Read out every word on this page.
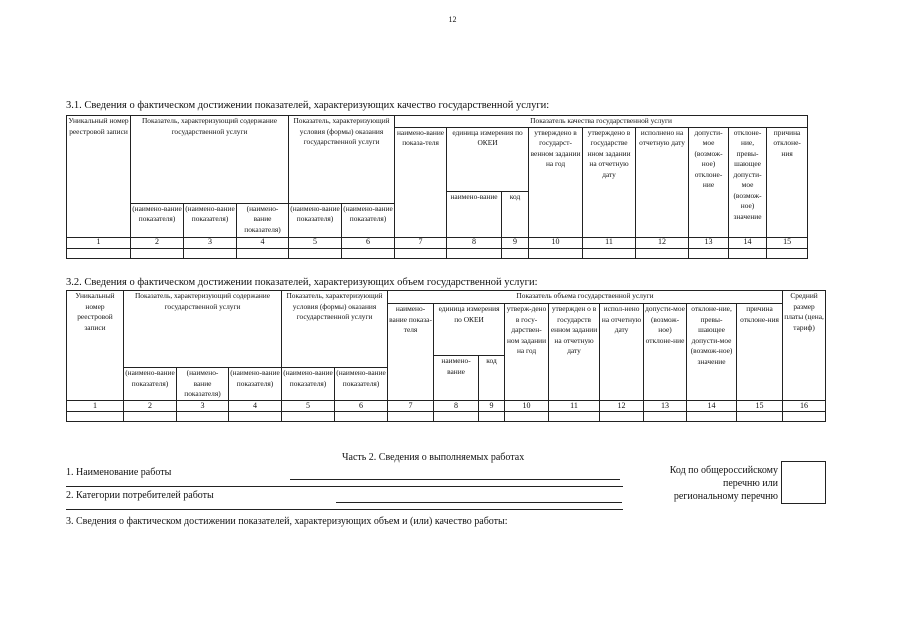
12
3.1. Сведения о фактическом достижении показателей, характеризующих качество государственной услуги:
Уникальный номер реестровой записи	Показатель, характеризующий содержание государственной услуги			Показатель, характеризующий условия (формы) оказания государственной услуги		Показатель качества государственной услуги								
						наимено-вание показа-теля	единица измерения по ОКЕИ		утверждено в государст-венном задании на год	утверждено в государстве нном задании на отчетную дату	исполнено на отчетную дату	допусти-мое (возмож-ное) отклоне-ние	отклоне-ние, превы-шающее допусти-мое (возмож-ное) значение	причина отклоне-ния
							наимено-вание	код						
	(наимено-вание показателя)	(наимено-вание показателя)	(наимено-вание показателя)	(наимено-вание показателя)	(наимено-вание показателя)									
1	2	3	4	5	6	7	8	9	10	11	12	13	14	15

3.2. Сведения о фактическом достижении показателей, характеризующих объем государственной услуги:
Уникальный номер реестровой записи	Показатель, характеризующий содержание государственной услуги			Показатель, характеризующий условия (формы) оказания государственной услуги		Показатель объема государственной услуги									Средний размер платы (цена, тариф)
						наимено-вание показа-теля	единица измерения по ОКЕИ		утверж-дено в госу-дарствен-ном задании на год	утвержден о в государств енном задании на отчетную дату	испол-нено на отчетную дату	допусти-мое (возмож-ное) отклоне-ние	отклоне-ние, превы-шающее допусти-мое (возмож-ное) значение	причина отклоне-ния	
							наимено-вание	код							
	(наимено-вание показателя)	(наимено-вание показателя)	(наимено-вание показателя)	(наимено-вание показателя)	(наимено-вание показателя)										
1	2	3	4	5	6	7	8	9	10	11	12	13	14	15	16

Часть 2. Сведения о выполняемых работах
1. Наименование работы
2. Категории потребителей работы
Код по общероссийскому
перечню или
региональному перечню
3. Сведения о фактическом достижении показателей, характеризующих объем и (или) качество работы:
